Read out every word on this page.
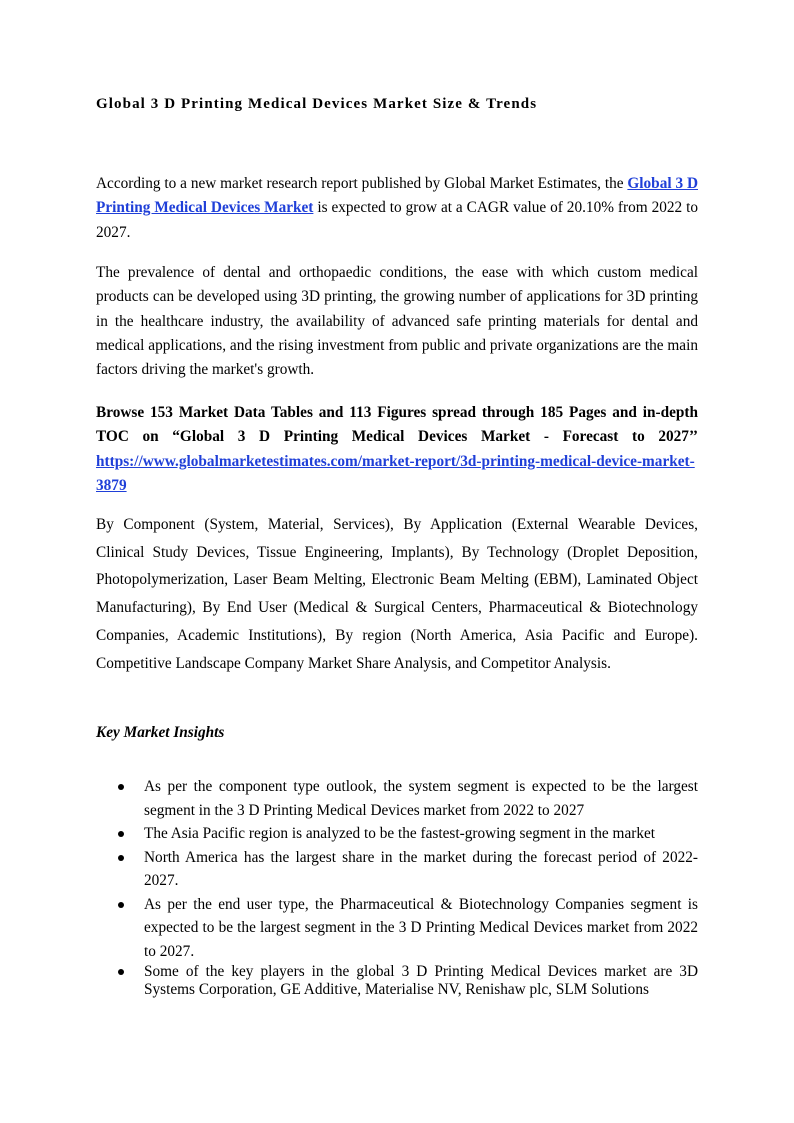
Global 3 D Printing Medical Devices Market Size & Trends

According to a new market research report published by Global Market Estimates, the Global 3 D Printing Medical Devices Market is expected to grow at a CAGR value of 20.10% from 2022 to 2027.

The prevalence of dental and orthopaedic conditions, the ease with which custom medical products can be developed using 3D printing, the growing number of applications for 3D printing in the healthcare industry, the availability of advanced safe printing materials for dental and medical applications, and the rising investment from public and private organizations are the main factors driving the market's growth.

Browse 153 Market Data Tables and 113 Figures spread through 185 Pages and in-depth TOC on “Global 3 D Printing Medical Devices Market - Forecast to 2027’’ https://www.globalmarketestimates.com/market-report/3d-printing-medical-device-market-3879

By Component (System, Material, Services), By Application (External Wearable Devices, Clinical Study Devices, Tissue Engineering, Implants), By Technology (Droplet Deposition, Photopolymerization, Laser Beam Melting, Electronic Beam Melting (EBM), Laminated Object Manufacturing), By End User (Medical & Surgical Centers, Pharmaceutical & Biotechnology Companies, Academic Institutions), By region (North America, Asia Pacific and Europe). Competitive Landscape Company Market Share Analysis, and Competitor Analysis.

Key Market Insights
As per the component type outlook, the system segment is expected to be the largest segment in the 3 D Printing Medical Devices market from 2022 to 2027
The Asia Pacific region is analyzed to be the fastest-growing segment in the market
North America has the largest share in the market during the forecast period of 2022-2027.
As per the end user type, the Pharmaceutical & Biotechnology Companies segment is expected to be the largest segment in the 3 D Printing Medical Devices market from 2022 to 2027.
Some of the key players in the global 3 D Printing Medical Devices market are 3D Systems Corporation, GE Additive, Materialise NV, Renishaw plc, SLM Solutions
